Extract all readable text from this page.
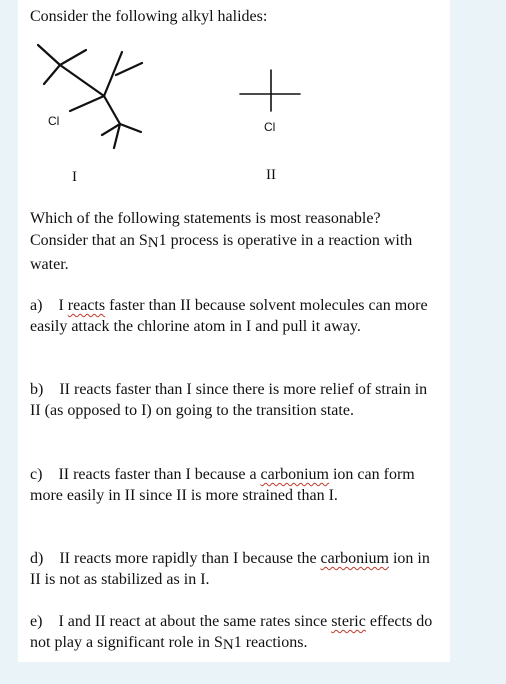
Consider the following alkyl halides:

Cl
I
Cl
II

Which of the following statements is most reasonable?

Consider that an SN1 process is operative in a reaction with water.

a) I reacts faster than II because solvent molecules can more easily attack the chlorine atom in I and pull it away.

b) II reacts faster than I since there is more relief of strain in II (as opposed to I) on going to the transition state.

c) II reacts faster than I because a carbonium ion can form more easily in II since II is more strained than I.

d) II reacts more rapidly than I because the carbonium ion in II is not as stabilized as in I.

e) I and II react at about the same rates since steric effects do not play a significant role in SN1 reactions.
